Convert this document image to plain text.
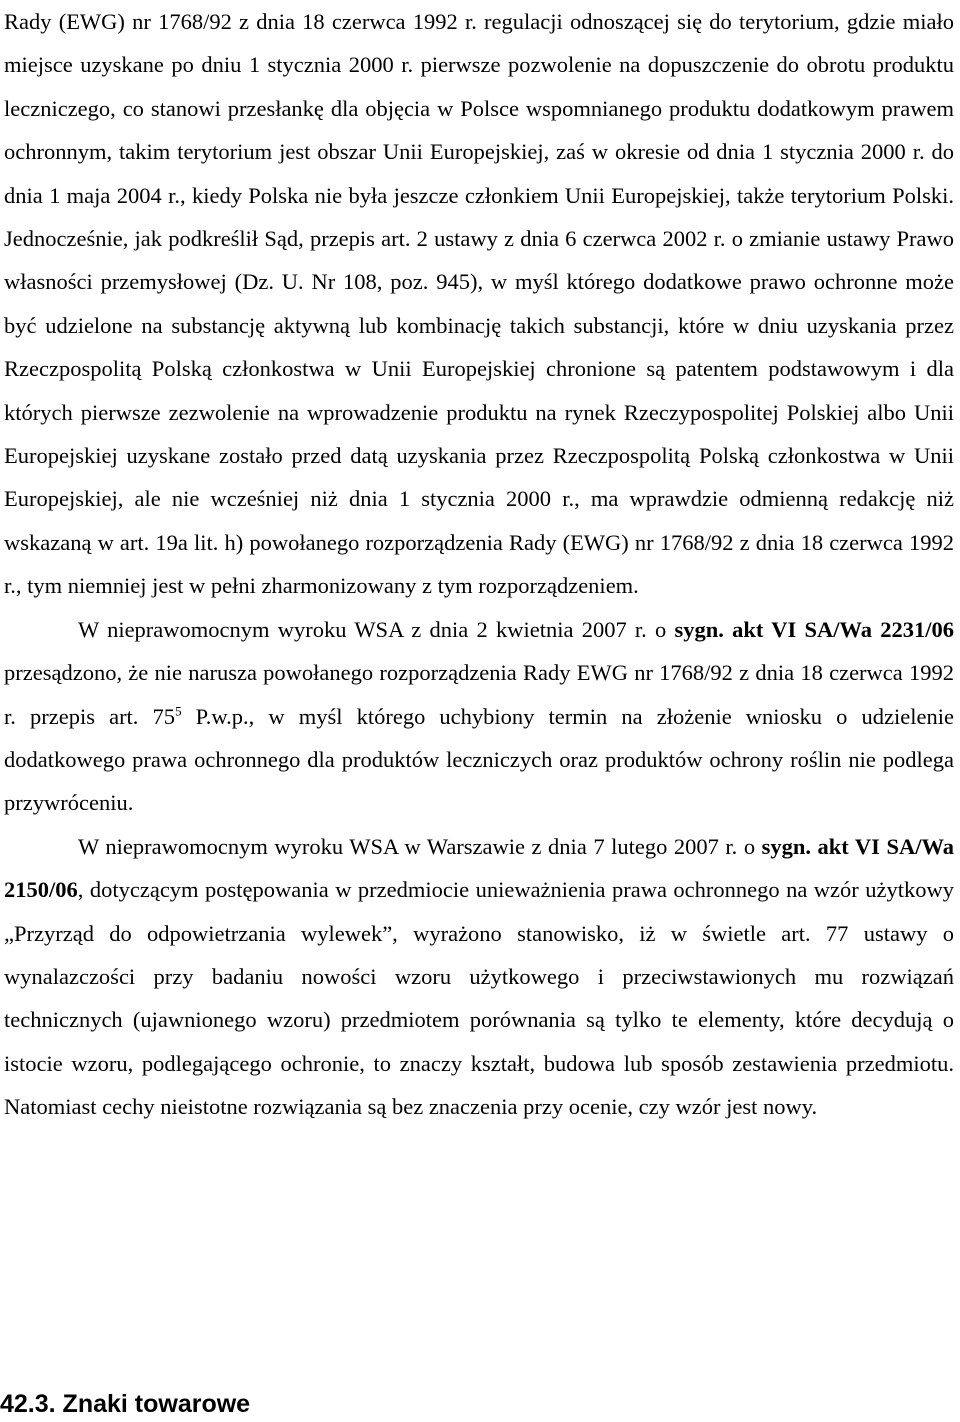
Rady (EWG) nr 1768/92 z dnia 18 czerwca 1992 r. regulacji odnoszącej się do terytorium, gdzie miało miejsce uzyskane po dniu 1 stycznia 2000 r. pierwsze pozwolenie na dopuszczenie do obrotu produktu leczniczego, co stanowi przesłankę dla objęcia w Polsce wspomnianego produktu dodatkowym prawem ochronnym, takim terytorium jest obszar Unii Europejskiej, zaś w okresie od dnia 1 stycznia 2000 r. do dnia 1 maja 2004 r., kiedy Polska nie była jeszcze członkiem Unii Europejskiej, także terytorium Polski. Jednocześnie, jak podkreślił Sąd, przepis art. 2 ustawy z dnia 6 czerwca 2002 r. o zmianie ustawy Prawo własności przemysłowej (Dz. U. Nr 108, poz. 945), w myśl którego dodatkowe prawo ochronne może być udzielone na substancję aktywną lub kombinację takich substancji, które w dniu uzyskania przez Rzeczpospolitą Polską członkostwa w Unii Europejskiej chronione są patentem podstawowym i dla których pierwsze zezwolenie na wprowadzenie produktu na rynek Rzeczypospolitej Polskiej albo Unii Europejskiej uzyskane zostało przed datą uzyskania przez Rzeczpospolitą Polską członkostwa w Unii Europejskiej, ale nie wcześniej niż dnia 1 stycznia 2000 r., ma wprawdzie odmienną redakcję niż wskazaną w art. 19a lit. h) powołanego rozporządzenia Rady (EWG) nr 1768/92 z dnia 18 czerwca 1992 r., tym niemniej jest w pełni zharmonizowany z tym rozporządzeniem.

W nieprawomocnym wyroku WSA z dnia 2 kwietnia 2007 r. o sygn. akt VI SA/Wa 2231/06 przesądzono, że nie narusza powołanego rozporządzenia Rady EWG nr 1768/92 z dnia 18 czerwca 1992 r. przepis art. $75^5$ P.w.p., w myśl którego uchybiony termin na złożenie wniosku o udzielenie dodatkowego prawa ochronnego dla produktów leczniczych oraz produktów ochrony roślin nie podlega przywróceniu.

W nieprawomocnym wyroku WSA w Warszawie z dnia 7 lutego 2007 r. o sygn. akt VI SA/Wa 2150/06, dotyczącym postępowania w przedmiocie unieważnienia prawa ochronnego na wzór użytkowy „Przyrząd do odpowietrzania wylewek”, wyrażono stanowisko, iż w świetle art. 77 ustawy o wynalazczości przy badaniu nowości wzoru użytkowego i przeciwstawionych mu rozwiązań technicznych (ujawnionego wzoru) przedmiotem porównania są tylko te elementy, które decydują o istocie wzoru, podlegającego ochronie, to znaczy kształt, budowa lub sposób zestawienia przedmiotu. Natomiast cechy nieistotne rozwiązania są bez znaczenia przy ocenie, czy wzór jest nowy.

42.3. Znaki towarowe
